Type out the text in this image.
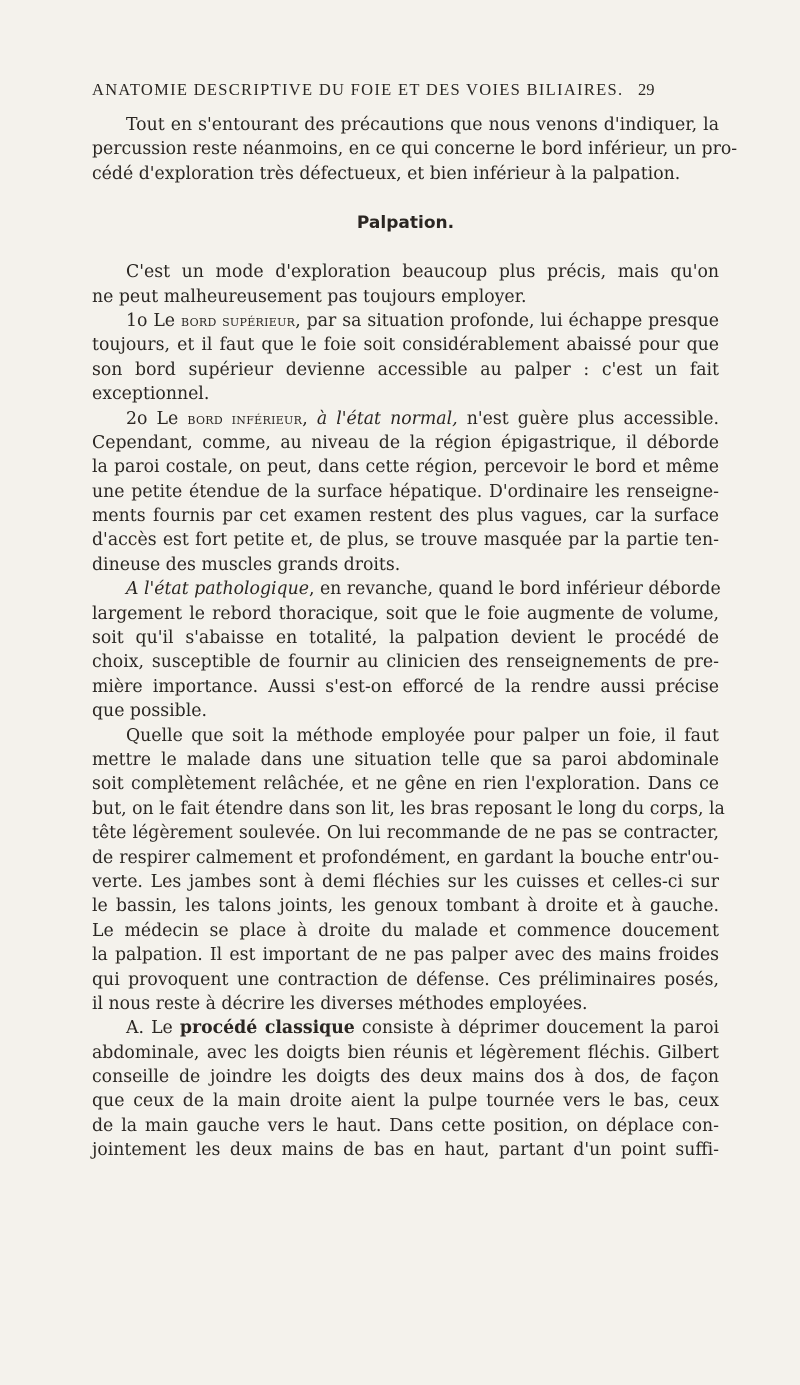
ANATOMIE DESCRIPTIVE DU FOIE ET DES VOIES BILIAIRES. 29
Tout en s'entourant des précautions que nous venons d'indiquer, la
percussion reste néanmoins, en ce qui concerne le bord inférieur, un pro-
cédé d'exploration très défectueux, et bien inférieur à la palpation.
Palpation.
C'est un mode d'exploration beaucoup plus précis, mais qu'on
ne peut malheureusement pas toujours employer.
1o Le bord supérieur, par sa situation profonde, lui échappe presque
toujours, et il faut que le foie soit considérablement abaissé pour que
son bord supérieur devienne accessible au palper : c'est un fait
exceptionnel.
2o Le bord inférieur, à l'état normal, n'est guère plus accessible.
Cependant, comme, au niveau de la région épigastrique, il déborde
la paroi costale, on peut, dans cette région, percevoir le bord et même
une petite étendue de la surface hépatique. D'ordinaire les renseigne-
ments fournis par cet examen restent des plus vagues, car la surface
d'accès est fort petite et, de plus, se trouve masquée par la partie ten-
dineuse des muscles grands droits.
A l'état pathologique, en revanche, quand le bord inférieur déborde
largement le rebord thoracique, soit que le foie augmente de volume,
soit qu'il s'abaisse en totalité, la palpation devient le procédé de
choix, susceptible de fournir au clinicien des renseignements de pre-
mière importance. Aussi s'est-on efforcé de la rendre aussi précise
que possible.
Quelle que soit la méthode employée pour palper un foie, il faut
mettre le malade dans une situation telle que sa paroi abdominale
soit complètement relâchée, et ne gêne en rien l'exploration. Dans ce
but, on le fait étendre dans son lit, les bras reposant le long du corps, la
tête légèrement soulevée. On lui recommande de ne pas se contracter,
de respirer calmement et profondément, en gardant la bouche entr'ou-
verte. Les jambes sont à demi fléchies sur les cuisses et celles-ci sur
le bassin, les talons joints, les genoux tombant à droite et à gauche.
Le médecin se place à droite du malade et commence doucement
la palpation. Il est important de ne pas palper avec des mains froides
qui provoquent une contraction de défense. Ces préliminaires posés,
il nous reste à décrire les diverses méthodes employées.
A. Le procédé classique consiste à déprimer doucement la paroi
abdominale, avec les doigts bien réunis et légèrement fléchis. Gilbert
conseille de joindre les doigts des deux mains dos à dos, de façon
que ceux de la main droite aient la pulpe tournée vers le bas, ceux
de la main gauche vers le haut. Dans cette position, on déplace con-
jointement les deux mains de bas en haut, partant d'un point suffi-
